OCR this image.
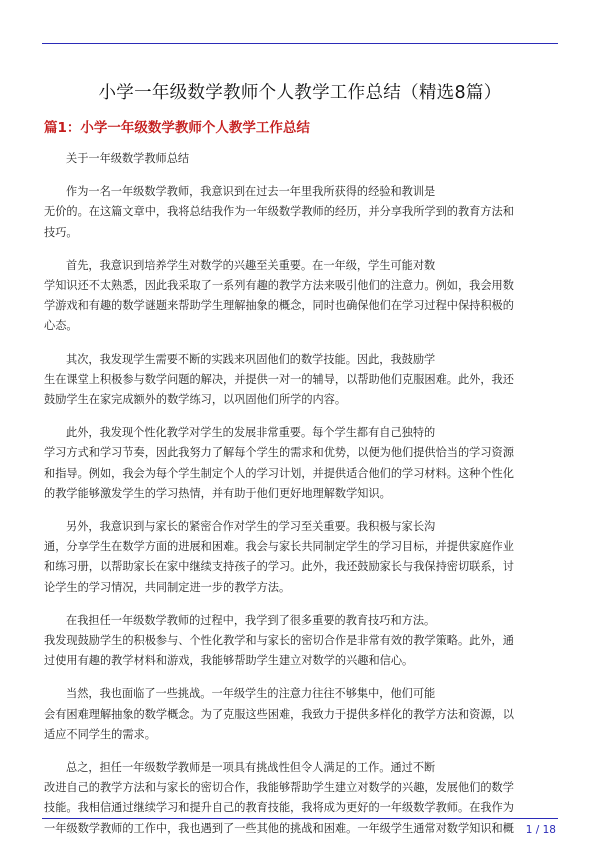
小学一年级数学教师个人教学工作总结（精选8篇）
篇1：小学一年级数学教师个人教学工作总结
关于一年级数学教师总结
作为一名一年级数学教师，我意识到在过去一年里我所获得的经验和教训是
无价的。在这篇文章中，我将总结我作为一年级数学教师的经历，并分享我所学到的教育方法和
技巧。
首先，我意识到培养学生对数学的兴趣至关重要。在一年级，学生可能对数
学知识还不太熟悉，因此我采取了一系列有趣的教学方法来吸引他们的注意力。例如，我会用数
学游戏和有趣的数学谜题来帮助学生理解抽象的概念，同时也确保他们在学习过程中保持积极的
心态。
其次，我发现学生需要不断的实践来巩固他们的数学技能。因此，我鼓励学
生在课堂上积极参与数学问题的解决，并提供一对一的辅导，以帮助他们克服困难。此外，我还
鼓励学生在家完成额外的数学练习，以巩固他们所学的内容。
此外，我发现个性化教学对学生的发展非常重要。每个学生都有自己独特的
学习方式和学习节奏，因此我努力了解每个学生的需求和优势，以便为他们提供恰当的学习资源
和指导。例如，我会为每个学生制定个人的学习计划，并提供适合他们的学习材料。这种个性化
的教学能够激发学生的学习热情，并有助于他们更好地理解数学知识。
另外，我意识到与家长的紧密合作对学生的学习至关重要。我积极与家长沟
通，分享学生在数学方面的进展和困难。我会与家长共同制定学生的学习目标，并提供家庭作业
和练习册，以帮助家长在家中继续支持孩子的学习。此外，我还鼓励家长与我保持密切联系，讨
论学生的学习情况，共同制定进一步的教学方法。
在我担任一年级数学教师的过程中，我学到了很多重要的教育技巧和方法。
我发现鼓励学生的积极参与、个性化教学和与家长的密切合作是非常有效的教学策略。此外，通
过使用有趣的教学材料和游戏，我能够帮助学生建立对数学的兴趣和信心。
当然，我也面临了一些挑战。一年级学生的注意力往往不够集中，他们可能
会有困难理解抽象的数学概念。为了克服这些困难，我致力于提供多样化的教学方法和资源，以
适应不同学生的需求。
总之，担任一年级数学教师是一项具有挑战性但令人满足的工作。通过不断
改进自己的教学方法和与家长的密切合作，我能够帮助学生建立对数学的兴趣，发展他们的数学
技能。我相信通过继续学习和提升自己的教育技能，我将成为更好的一年级数学教师。在我作为
一年级数学教师的工作中，我也遇到了一些其他的挑战和困难。一年级学生通常对数学知识和概	1 / 18
